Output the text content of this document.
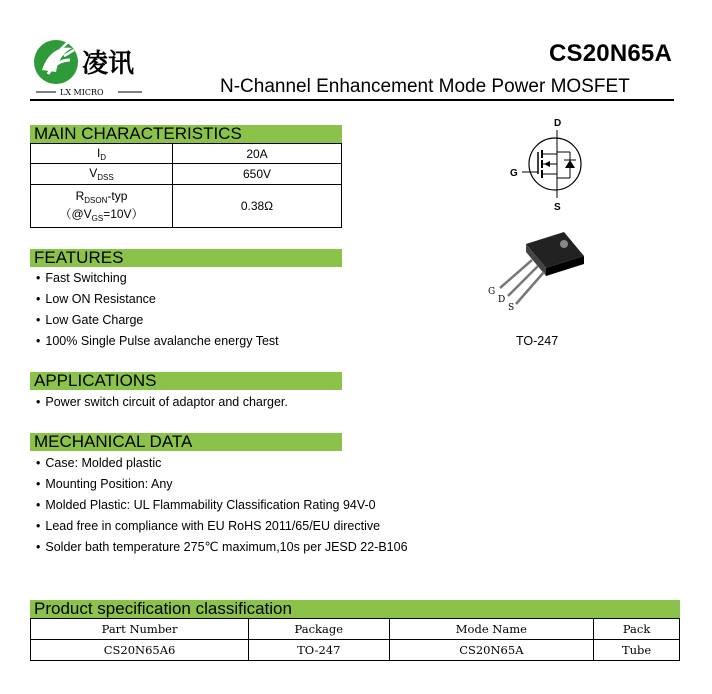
凌讯
LX MICRO
CS20N65A
N-Channel Enhancement Mode Power MOSFET
MAIN CHARACTERISTICS
$I_D$	20A
$V_{DSS}$	650V

$R_{DSON}$-typ
$(@V_{GS}=10V)$	0.38Ω
D
G
S
G
D
S
TO-247
FEATURES
• Fast Switching
• Low ON Resistance
• Low Gate Charge
• 100% Single Pulse avalanche energy Test
APPLICATIONS
• Power switch circuit of adaptor and charger.
MECHANICAL DATA
• Case: Molded plastic
• Mounting Position: Any
• Molded Plastic: UL Flammability Classification Rating 94V-0
• Lead free in compliance with EU RoHS 2011/65/EU directive
• Solder bath temperature 275℃ maximum,10s per JESD 22-B106
Product specification classification
Part Number	Package	Mode Name	Pack
CS20N65A6	TO-247	CS20N65A	Tube
